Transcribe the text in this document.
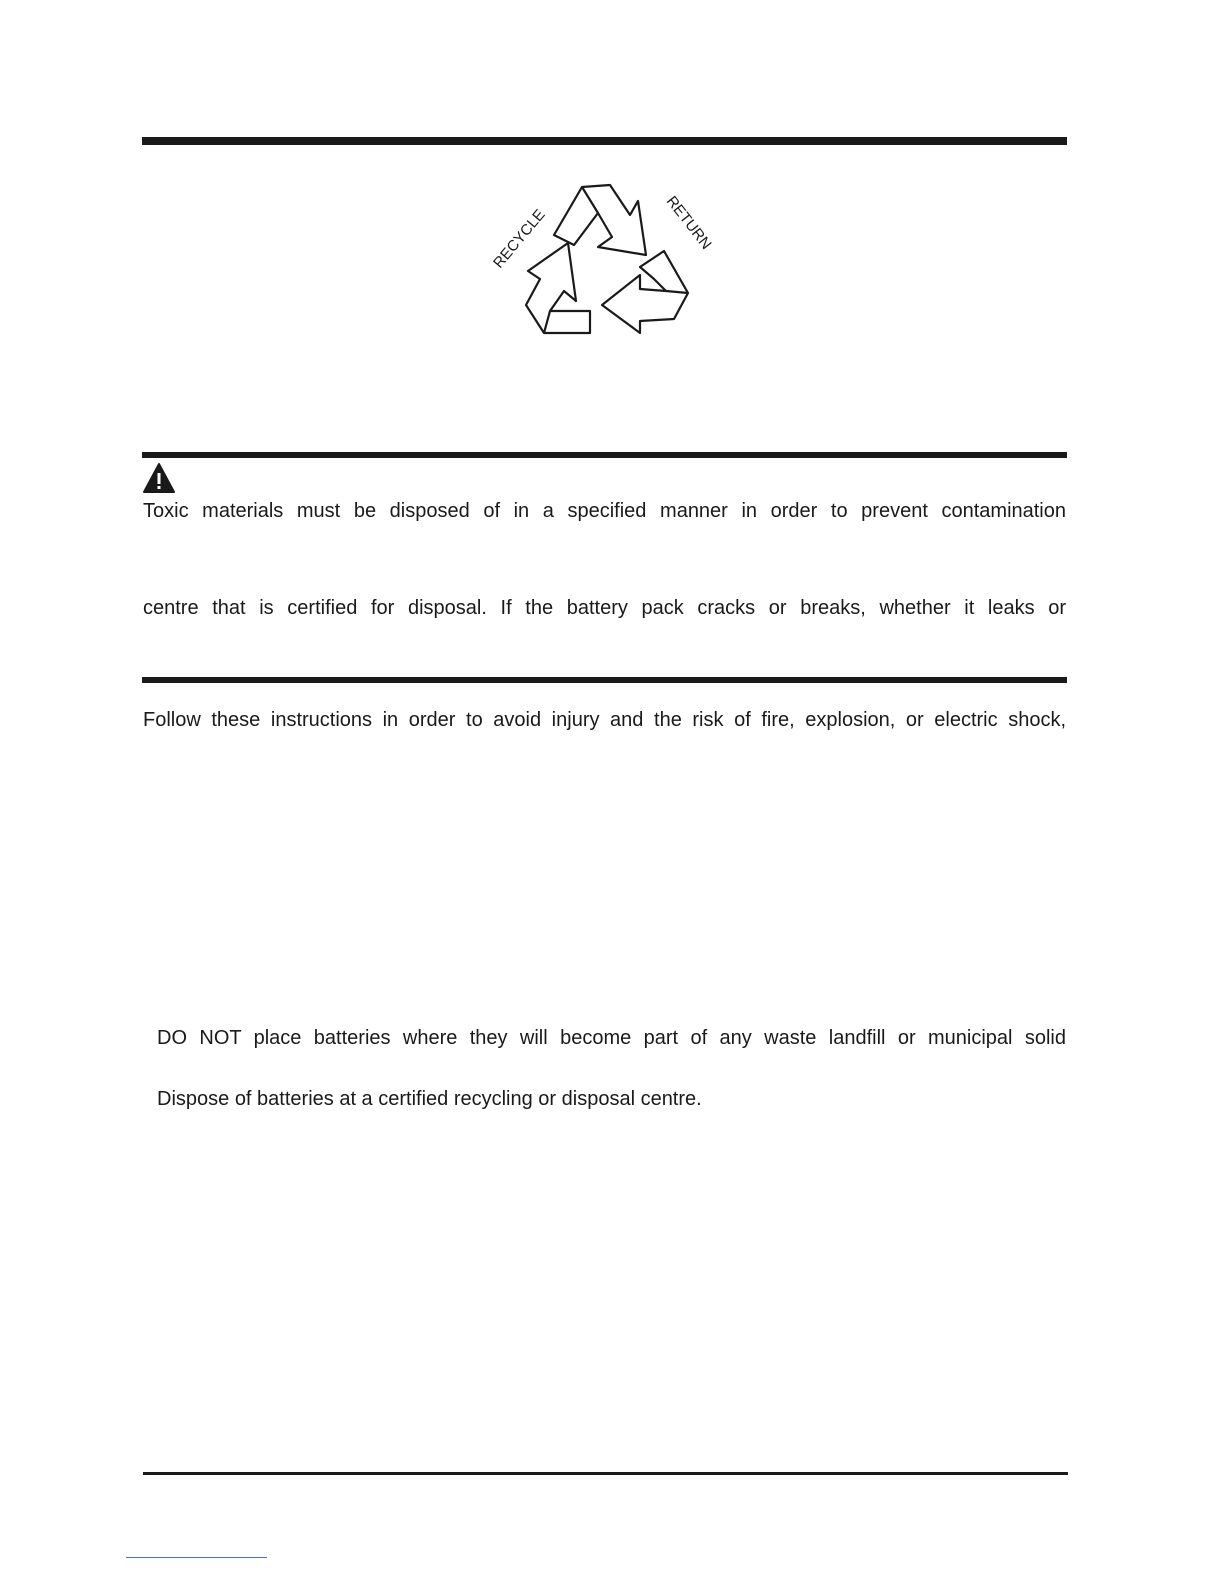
RECYCLE	RETURN

Toxic materials must be disposed of in a specified manner in order to prevent contamination

centre that is certified for disposal. If the battery pack cracks or breaks, whether it leaks or

Follow these instructions in order to avoid injury and the risk of fire, explosion, or electric shock,

DO NOT place batteries where they will become part of any waste landfill or municipal solid

Dispose of batteries at a certified recycling or disposal centre.
